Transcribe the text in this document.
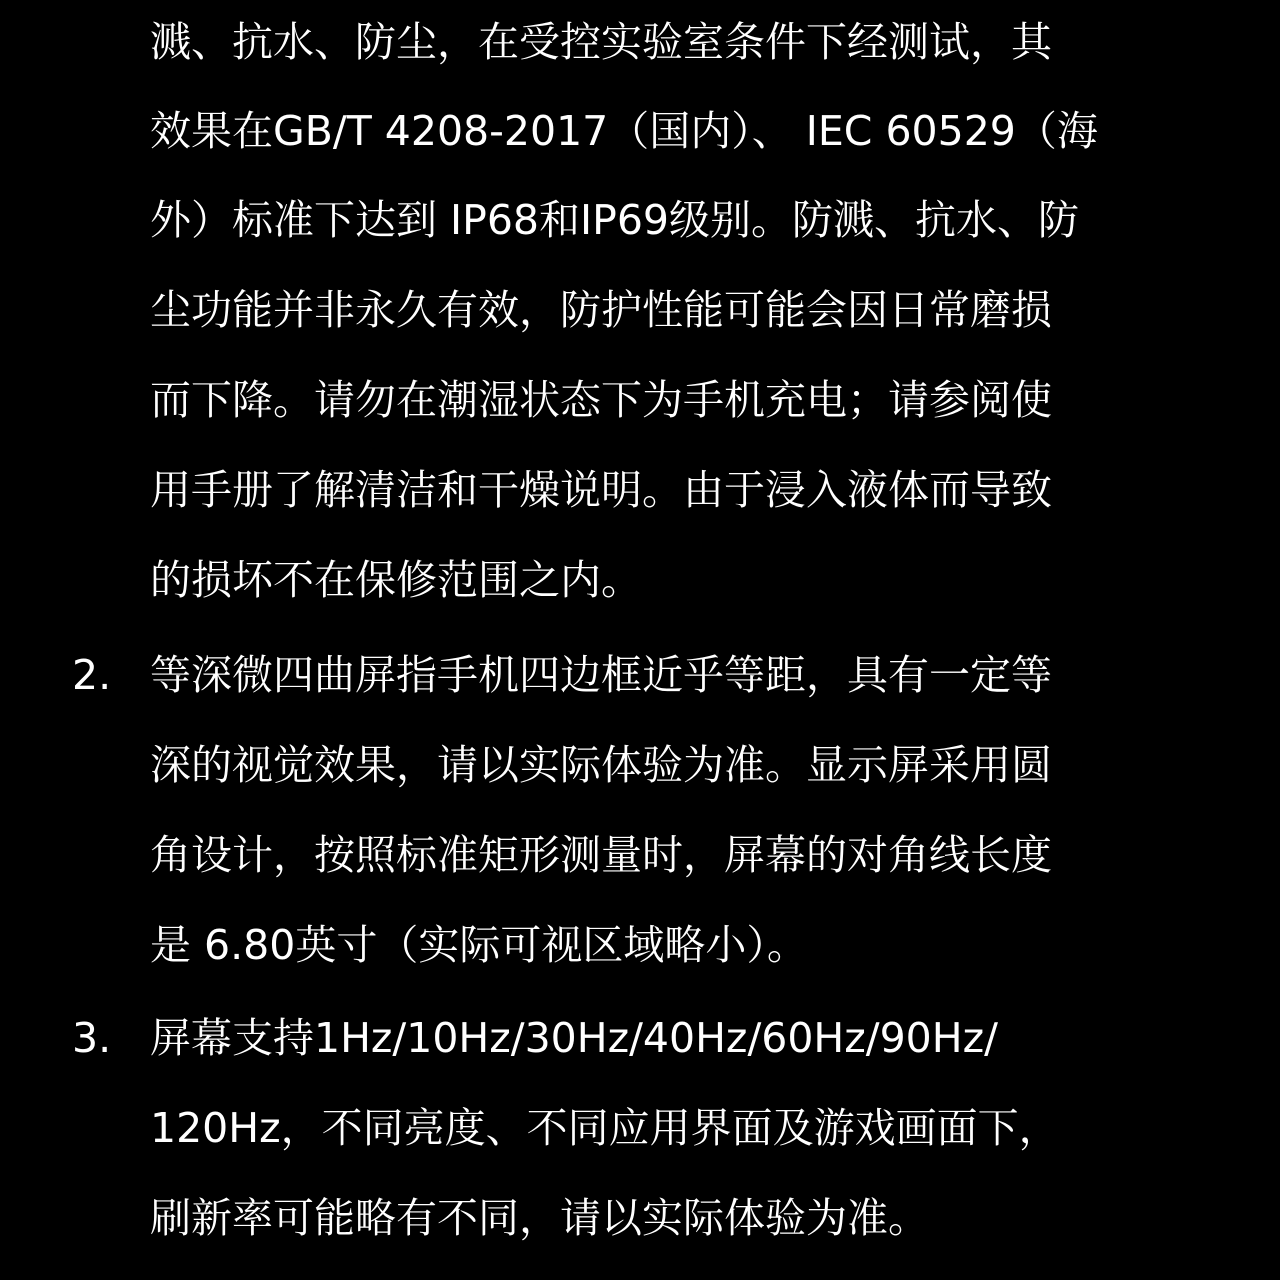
溅、抗水、防尘，在受控实验室条件下经测试，其
效果在GB/T 4208-2017（国内）、 IEC 60529（海
外）标准下达到 IP68和IP69级别。防溅、抗水、防
尘功能并非永久有效，防护性能可能会因日常磨损
而下降。请勿在潮湿状态下为手机充电；请参阅使
用手册了解清洁和干燥说明。由于浸入液体而导致
的损坏不在保修范围之内。
2. 等深微四曲屏指手机四边框近乎等距，具有一定等
深的视觉效果，请以实际体验为准。显示屏采用圆
角设计，按照标准矩形测量时，屏幕的对角线长度
是 6.80英寸（实际可视区域略小）。
3. 屏幕支持1Hz/10Hz/30Hz/40Hz/60Hz/90Hz/
120Hz，不同亮度、不同应用界面及游戏画面下，
刷新率可能略有不同，请以实际体验为准。
